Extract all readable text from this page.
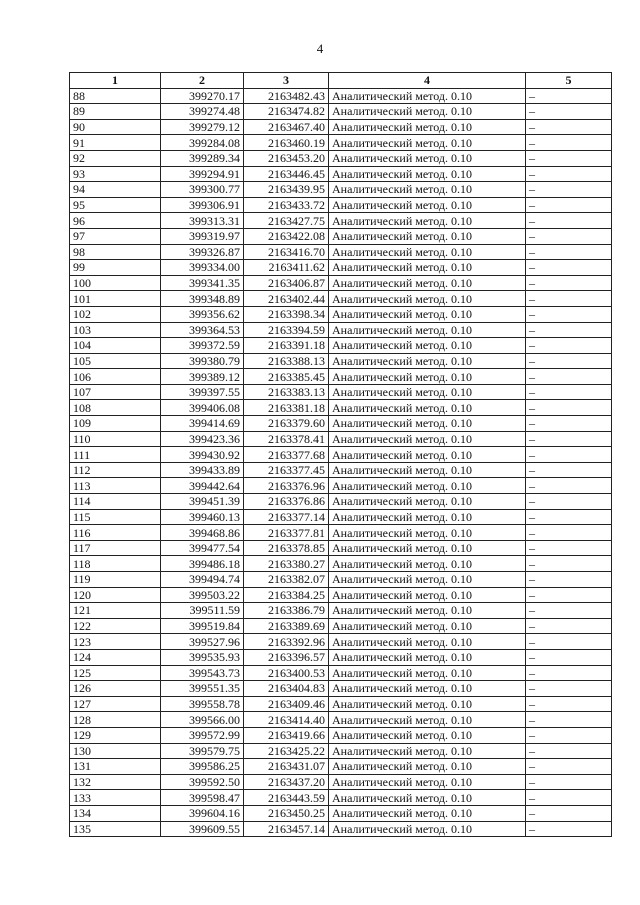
4
1	2	3	4	5
88	399270.17	2163482.43	Аналитический метод. 0.10	–
89	399274.48	2163474.82	Аналитический метод. 0.10	–
90	399279.12	2163467.40	Аналитический метод. 0.10	–
91	399284.08	2163460.19	Аналитический метод. 0.10	–
92	399289.34	2163453.20	Аналитический метод. 0.10	–
93	399294.91	2163446.45	Аналитический метод. 0.10	–
94	399300.77	2163439.95	Аналитический метод. 0.10	–
95	399306.91	2163433.72	Аналитический метод. 0.10	–
96	399313.31	2163427.75	Аналитический метод. 0.10	–
97	399319.97	2163422.08	Аналитический метод. 0.10	–
98	399326.87	2163416.70	Аналитический метод. 0.10	–
99	399334.00	2163411.62	Аналитический метод. 0.10	–
100	399341.35	2163406.87	Аналитический метод. 0.10	–
101	399348.89	2163402.44	Аналитический метод. 0.10	–
102	399356.62	2163398.34	Аналитический метод. 0.10	–
103	399364.53	2163394.59	Аналитический метод. 0.10	–
104	399372.59	2163391.18	Аналитический метод. 0.10	–
105	399380.79	2163388.13	Аналитический метод. 0.10	–
106	399389.12	2163385.45	Аналитический метод. 0.10	–
107	399397.55	2163383.13	Аналитический метод. 0.10	–
108	399406.08	2163381.18	Аналитический метод. 0.10	–
109	399414.69	2163379.60	Аналитический метод. 0.10	–
110	399423.36	2163378.41	Аналитический метод. 0.10	–
111	399430.92	2163377.68	Аналитический метод. 0.10	–
112	399433.89	2163377.45	Аналитический метод. 0.10	–
113	399442.64	2163376.96	Аналитический метод. 0.10	–
114	399451.39	2163376.86	Аналитический метод. 0.10	–
115	399460.13	2163377.14	Аналитический метод. 0.10	–
116	399468.86	2163377.81	Аналитический метод. 0.10	–
117	399477.54	2163378.85	Аналитический метод. 0.10	–
118	399486.18	2163380.27	Аналитический метод. 0.10	–
119	399494.74	2163382.07	Аналитический метод. 0.10	–
120	399503.22	2163384.25	Аналитический метод. 0.10	–
121	399511.59	2163386.79	Аналитический метод. 0.10	–
122	399519.84	2163389.69	Аналитический метод. 0.10	–
123	399527.96	2163392.96	Аналитический метод. 0.10	–
124	399535.93	2163396.57	Аналитический метод. 0.10	–
125	399543.73	2163400.53	Аналитический метод. 0.10	–
126	399551.35	2163404.83	Аналитический метод. 0.10	–
127	399558.78	2163409.46	Аналитический метод. 0.10	–
128	399566.00	2163414.40	Аналитический метод. 0.10	–
129	399572.99	2163419.66	Аналитический метод. 0.10	–
130	399579.75	2163425.22	Аналитический метод. 0.10	–
131	399586.25	2163431.07	Аналитический метод. 0.10	–
132	399592.50	2163437.20	Аналитический метод. 0.10	–
133	399598.47	2163443.59	Аналитический метод. 0.10	–
134	399604.16	2163450.25	Аналитический метод. 0.10	–
135	399609.55	2163457.14	Аналитический метод. 0.10	–
